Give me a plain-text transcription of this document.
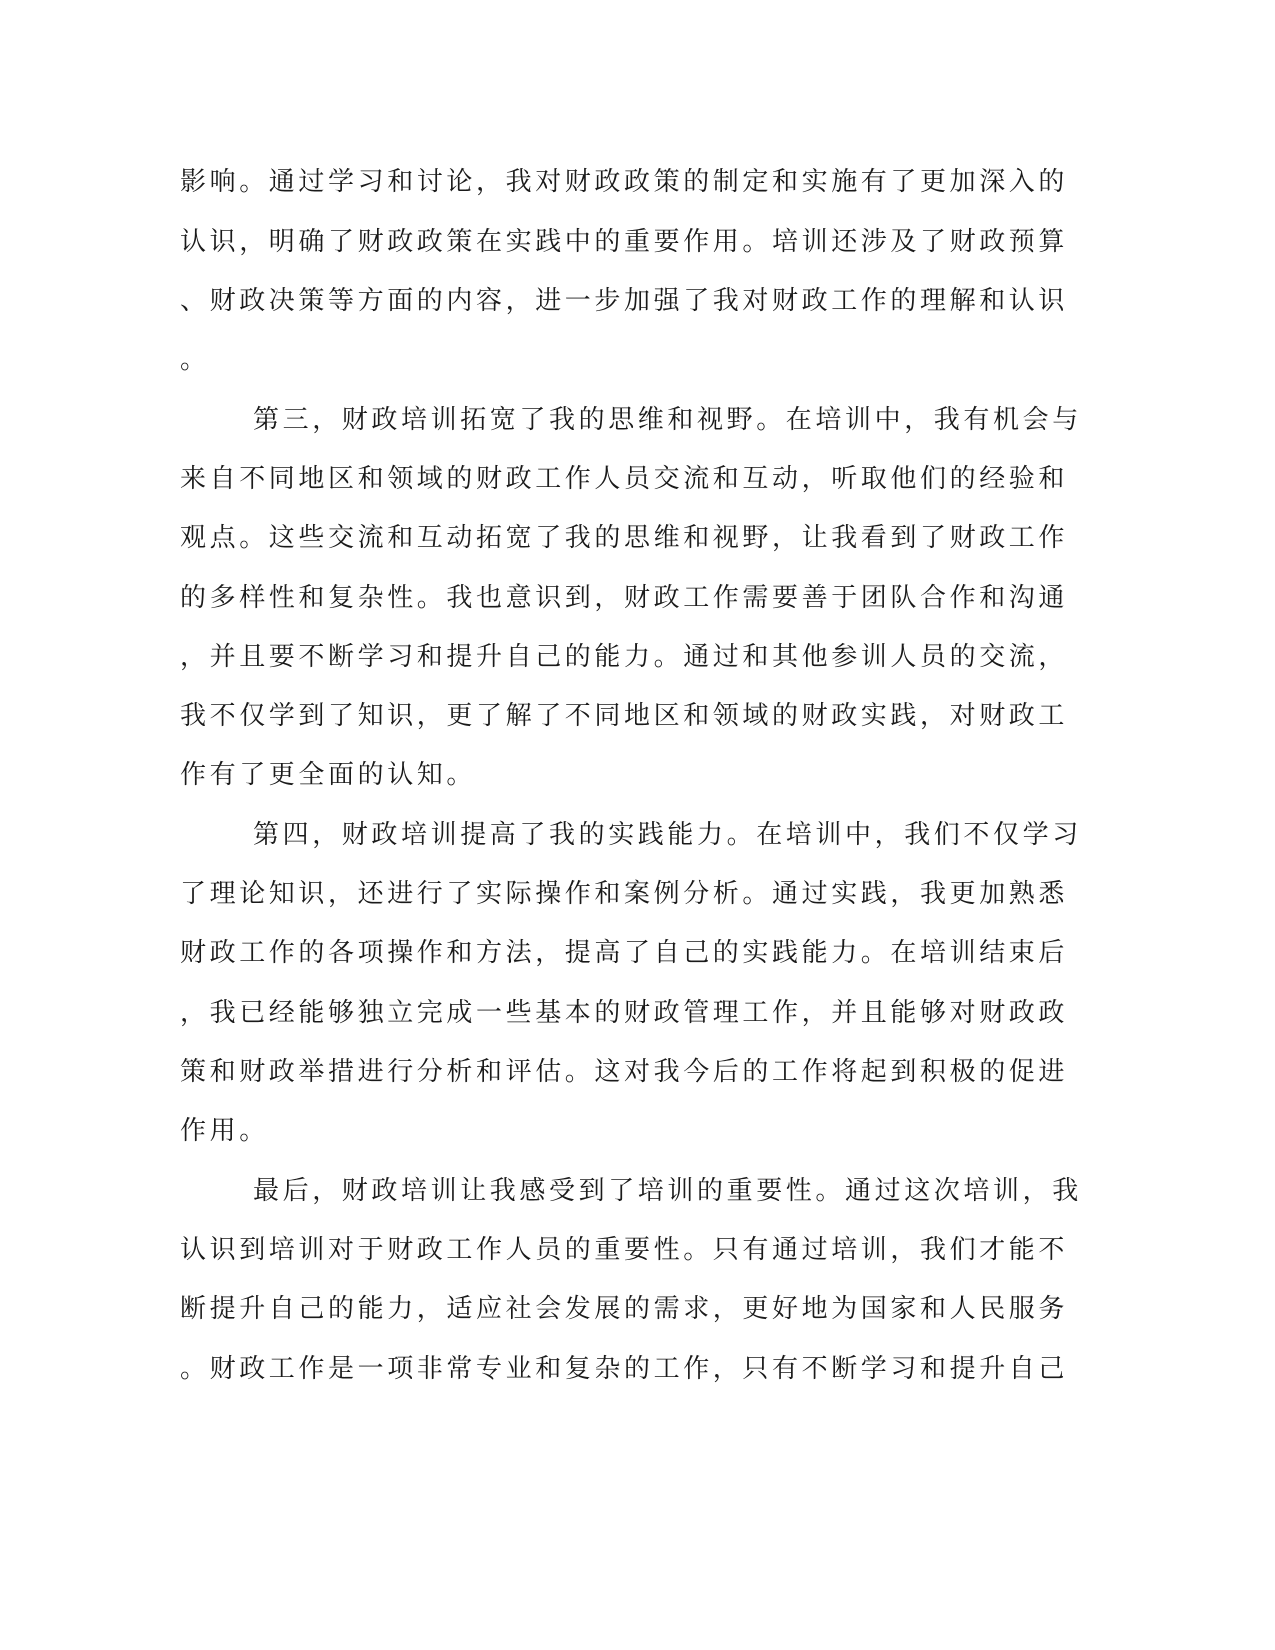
影响。通过学习和讨论，我对财政政策的制定和实施有了更加深入的
认识，明确了财政政策在实践中的重要作用。培训还涉及了财政预算
、财政决策等方面的内容，进一步加强了我对财政工作的理解和认识
。
第三，财政培训拓宽了我的思维和视野。在培训中，我有机会与
来自不同地区和领域的财政工作人员交流和互动，听取他们的经验和
观点。这些交流和互动拓宽了我的思维和视野，让我看到了财政工作
的多样性和复杂性。我也意识到，财政工作需要善于团队合作和沟通
，并且要不断学习和提升自己的能力。通过和其他参训人员的交流，
我不仅学到了知识，更了解了不同地区和领域的财政实践，对财政工
作有了更全面的认知。
第四，财政培训提高了我的实践能力。在培训中，我们不仅学习
了理论知识，还进行了实际操作和案例分析。通过实践，我更加熟悉
财政工作的各项操作和方法，提高了自己的实践能力。在培训结束后
，我已经能够独立完成一些基本的财政管理工作，并且能够对财政政
策和财政举措进行分析和评估。这对我今后的工作将起到积极的促进
作用。
最后，财政培训让我感受到了培训的重要性。通过这次培训，我
认识到培训对于财政工作人员的重要性。只有通过培训，我们才能不
断提升自己的能力，适应社会发展的需求，更好地为国家和人民服务
。财政工作是一项非常专业和复杂的工作，只有不断学习和提升自己
